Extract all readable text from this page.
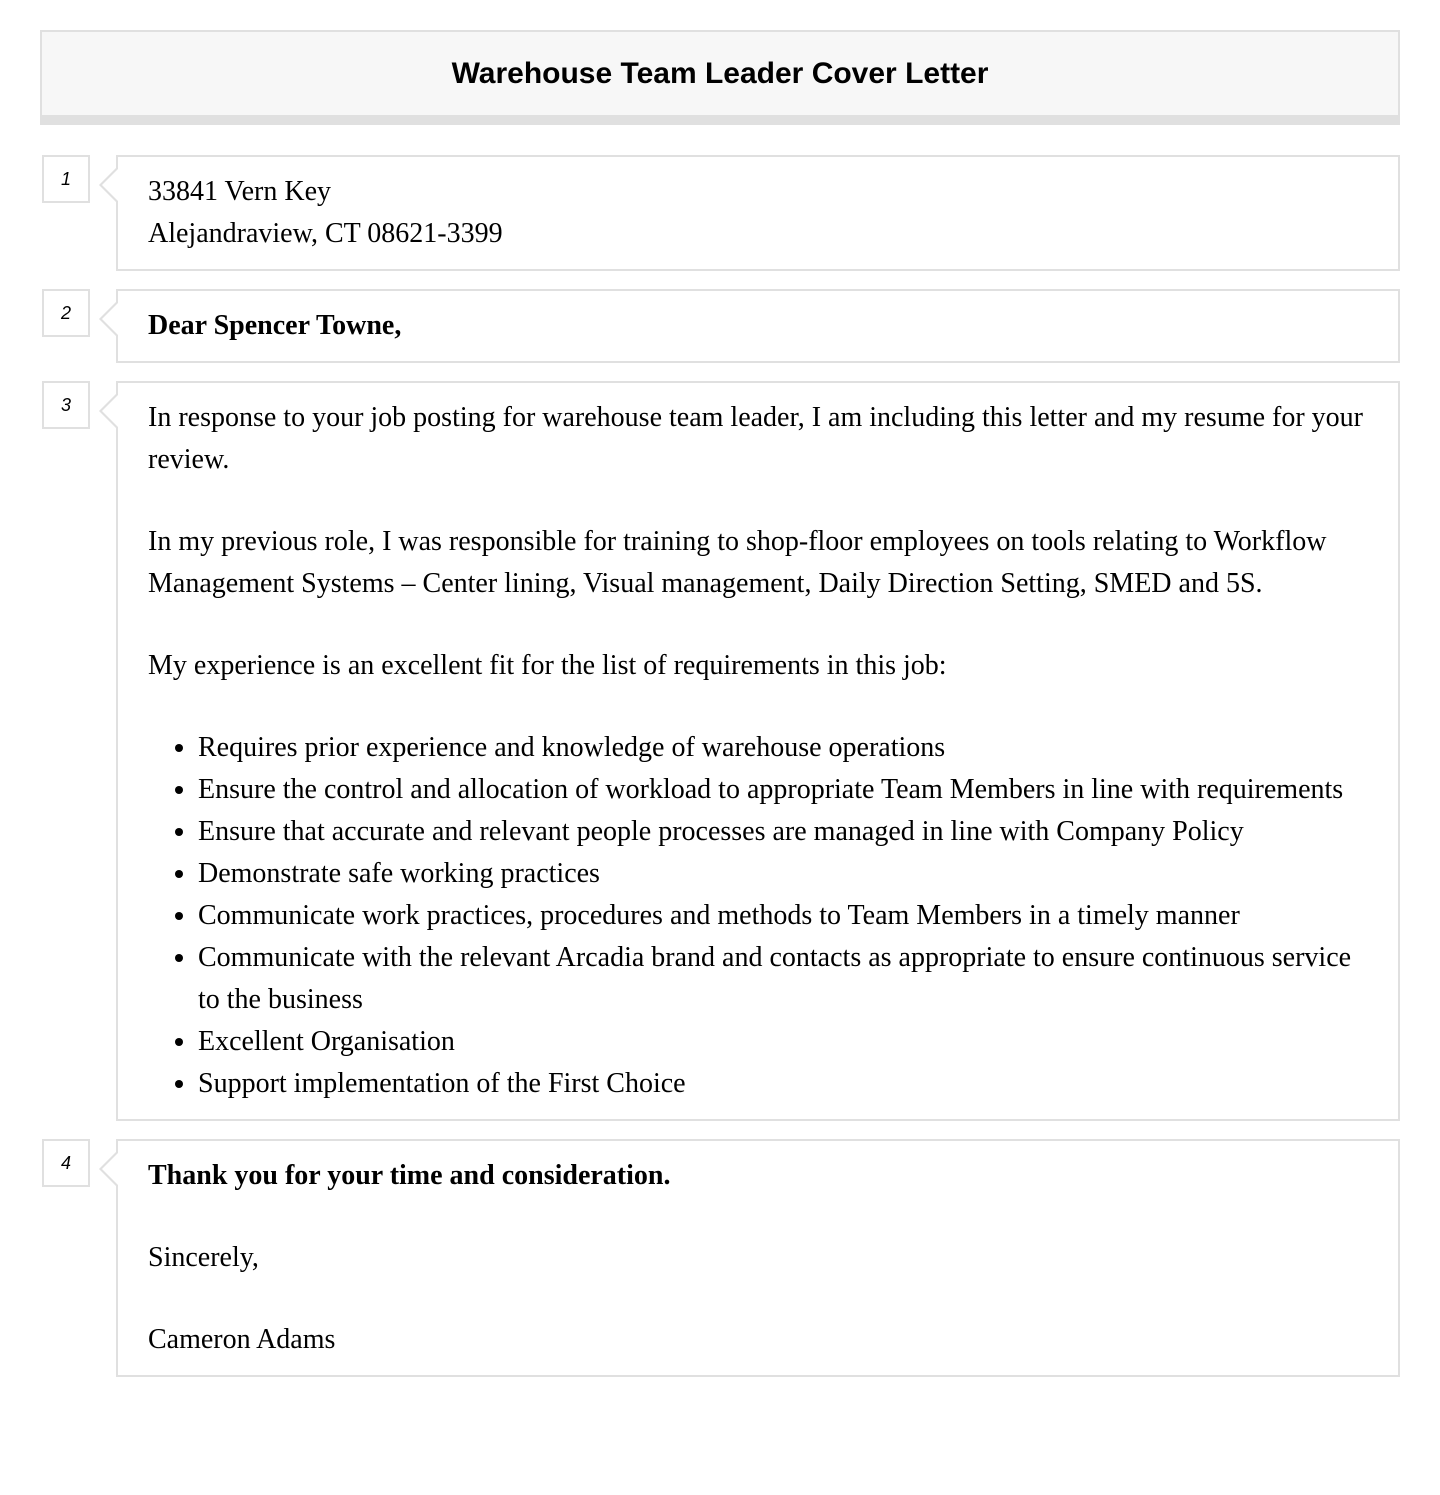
Warehouse Team Leader Cover Letter
1	33841 Vern Key
Alejandraview, CT 08621-3399
2	Dear Spencer Towne,
3	In response to your job posting for warehouse team leader, I am including this letter and my resume for your review.

In my previous role, I was responsible for training to shop-floor employees on tools relating to Workflow Management Systems – Center lining, Visual management, Daily Direction Setting, SMED and 5S.

My experience is an excellent fit for the list of requirements in this job:

• Requires prior experience and knowledge of warehouse operations
• Ensure the control and allocation of workload to appropriate Team Members in line with requirements
• Ensure that accurate and relevant people processes are managed in line with Company Policy
• Demonstrate safe working practices
• Communicate work practices, procedures and methods to Team Members in a timely manner
• Communicate with the relevant Arcadia brand and contacts as appropriate to ensure continuous service to the business
• Excellent Organisation
• Support implementation of the First Choice
4	Thank you for your time and consideration.

Sincerely,

Cameron Adams
